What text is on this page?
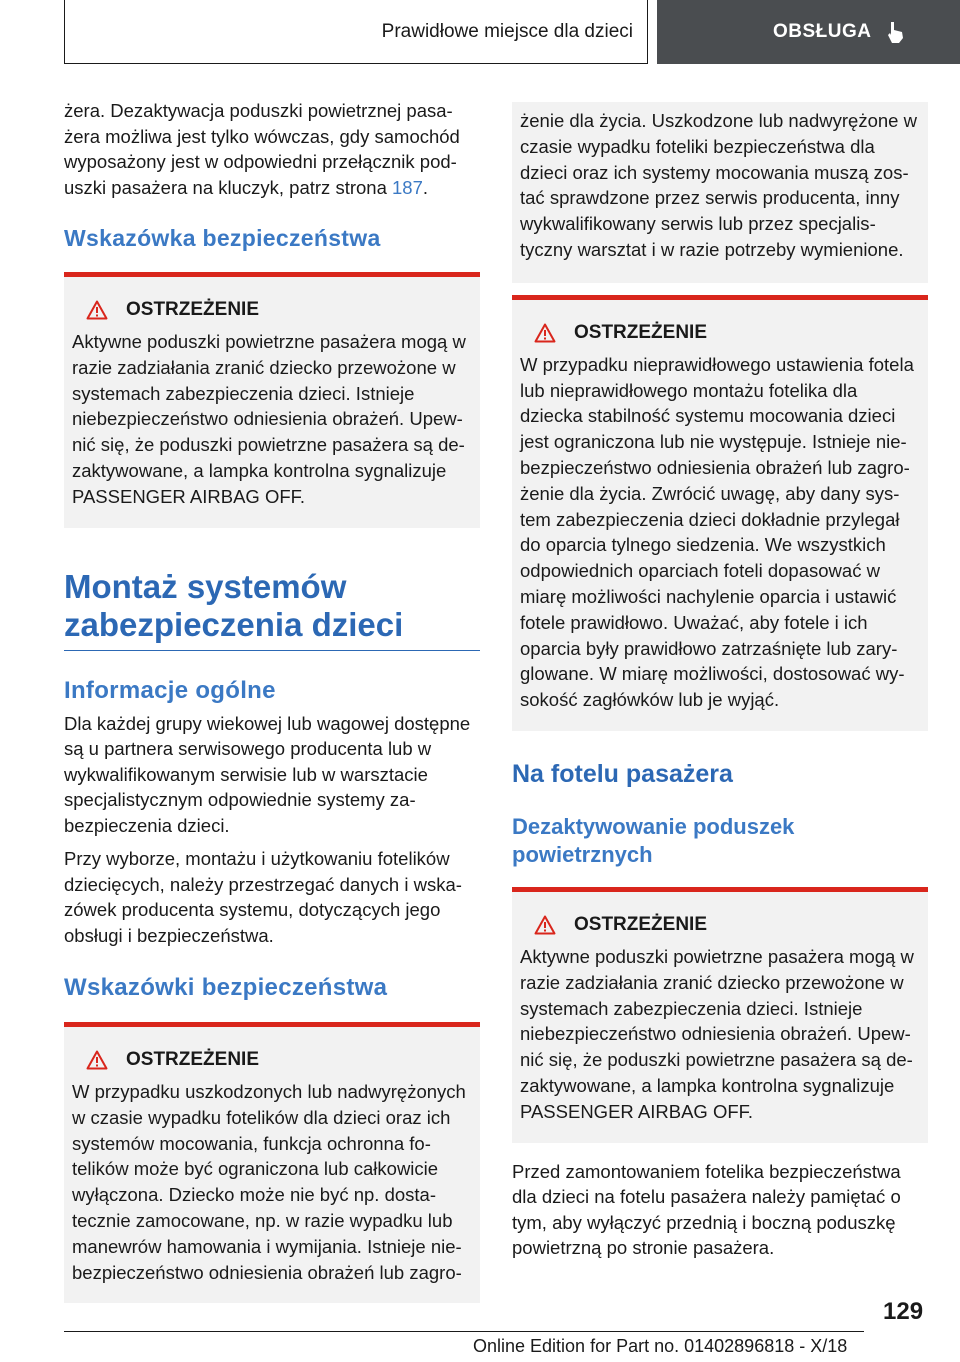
Prawidłowe miejsce dla dzieci	OBSŁUGA

żera. Dezaktywacja poduszki powietrznej pasażera możliwa jest tylko wówczas, gdy samochód wyposażony jest w odpowiedni przełącznik poduszki pasażera na kluczyk, patrz strona 187.

Wskazówka bezpieczeństwa
OSTRZEŻENIE

Aktywne poduszki powietrzne pasażera mogą w razie zadziałania zranić dziecko przewożone w systemach zabezpieczenia dzieci. Istnieje niebezpieczeństwo odniesienia obrażeń. Upewnić się, że poduszki powietrzne pasażera są dezaktywowane, a lampka kontrolna sygnalizuje PASSENGER AIRBAG OFF.

Montaż systemów zabezpieczenia dzieci
Informacje ogólne

Dla każdej grupy wiekowej lub wagowej dostępne są u partnera serwisowego producenta lub w wykwalifikowanym serwisie lub w warsztacie specjalistycznym odpowiednie systemy zabezpieczenia dzieci.

Przy wyborze, montażu i użytkowaniu fotelików dziecięcych, należy przestrzegać danych i wskazówek producenta systemu, dotyczących jego obsługi i bezpieczeństwa.

Wskazówki bezpieczeństwa
OSTRZEŻENIE

W przypadku uszkodzonych lub nadwyrężonych w czasie wypadku fotelików dla dzieci oraz ich systemów mocowania, funkcja ochronna fotelików może być ograniczona lub całkowicie wyłączona. Dziecko może nie być np. dostatecznie zamocowane, np. w razie wypadku lub manewrów hamowania i wymijania. Istnieje niebezpieczeństwo odniesienia obrażeń lub zagro-

żenie dla życia. Uszkodzone lub nadwyrężone w czasie wypadku foteliki bezpieczeństwa dla dzieci oraz ich systemy mocowania muszą zostać sprawdzone przez serwis producenta, inny wykwalifikowany serwis lub przez specjalistyczny warsztat i w razie potrzeby wymienione.

OSTRZEŻENIE

W przypadku nieprawidłowego ustawienia fotela lub nieprawidłowego montażu fotelika dla dziecka stabilność systemu mocowania dzieci jest ograniczona lub nie występuje. Istnieje niebezpieczeństwo odniesienia obrażeń lub zagrożenie dla życia. Zwrócić uwagę, aby dany system zabezpieczenia dzieci dokładnie przylegał do oparcia tylnego siedzenia. We wszystkich odpowiednich oparciach foteli dopasować w miarę możliwości nachylenie oparcia i ustawić fotele prawidłowo. Uważać, aby fotele i ich oparcia były prawidłowo zatrzaśnięte lub zaryglowane. W miarę możliwości, dostosować wysokość zagłówków lub je wyjąć.

Na fotelu pasażera
Dezaktywowanie poduszek powietrznych
OSTRZEŻENIE

Aktywne poduszki powietrzne pasażera mogą w razie zadziałania zranić dziecko przewożone w systemach zabezpieczenia dzieci. Istnieje niebezpieczeństwo odniesienia obrażeń. Upewnić się, że poduszki powietrzne pasażera są dezaktywowane, a lampka kontrolna sygnalizuje PASSENGER AIRBAG OFF.

Przed zamontowaniem fotelika bezpieczeństwa dla dzieci na fotelu pasażera należy pamiętać o tym, aby wyłączyć przednią i boczną poduszkę powietrzną po stronie pasażera.

129
Online Edition for Part no. 01402896818 - X/18
